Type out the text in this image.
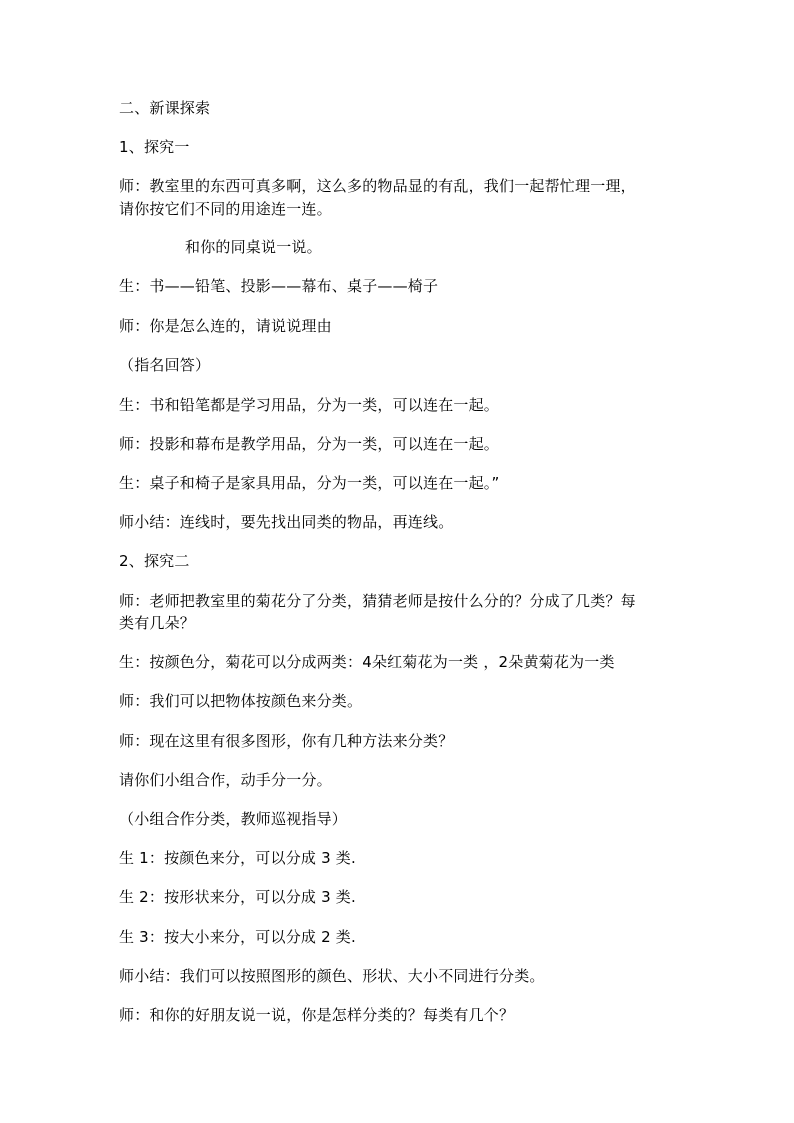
二、新课探索
1、探究一
师：教室里的东西可真多啊，这么多的物品显的有乱，我们一起帮忙理一理，
请你按它们不同的用途连一连。
和你的同桌说一说。
生：书——铅笔、投影——幕布、桌子——椅子
师：你是怎么连的，请说说理由
（指名回答）
生：书和铅笔都是学习用品，分为一类，可以连在一起。
师：投影和幕布是教学用品，分为一类，可以连在一起。
生：桌子和椅子是家具用品，分为一类，可以连在一起。”
师小结：连线时，要先找出同类的物品，再连线。
2、探究二
师：老师把教室里的菊花分了分类，猜猜老师是按什么分的？分成了几类？每
类有几朵？
生：按颜色分，菊花可以分成两类：4朵红菊花为一类 ，2朵黄菊花为一类
师：我们可以把物体按颜色来分类。
师：现在这里有很多图形，你有几种方法来分类？
请你们小组合作，动手分一分。
（小组合作分类，教师巡视指导）
生 1：按颜色来分，可以分成 3 类.
生 2：按形状来分，可以分成 3 类.
生 3：按大小来分，可以分成 2 类.
师小结：我们可以按照图形的颜色、形状、大小不同进行分类。
师：和你的好朋友说一说，你是怎样分类的？每类有几个？
